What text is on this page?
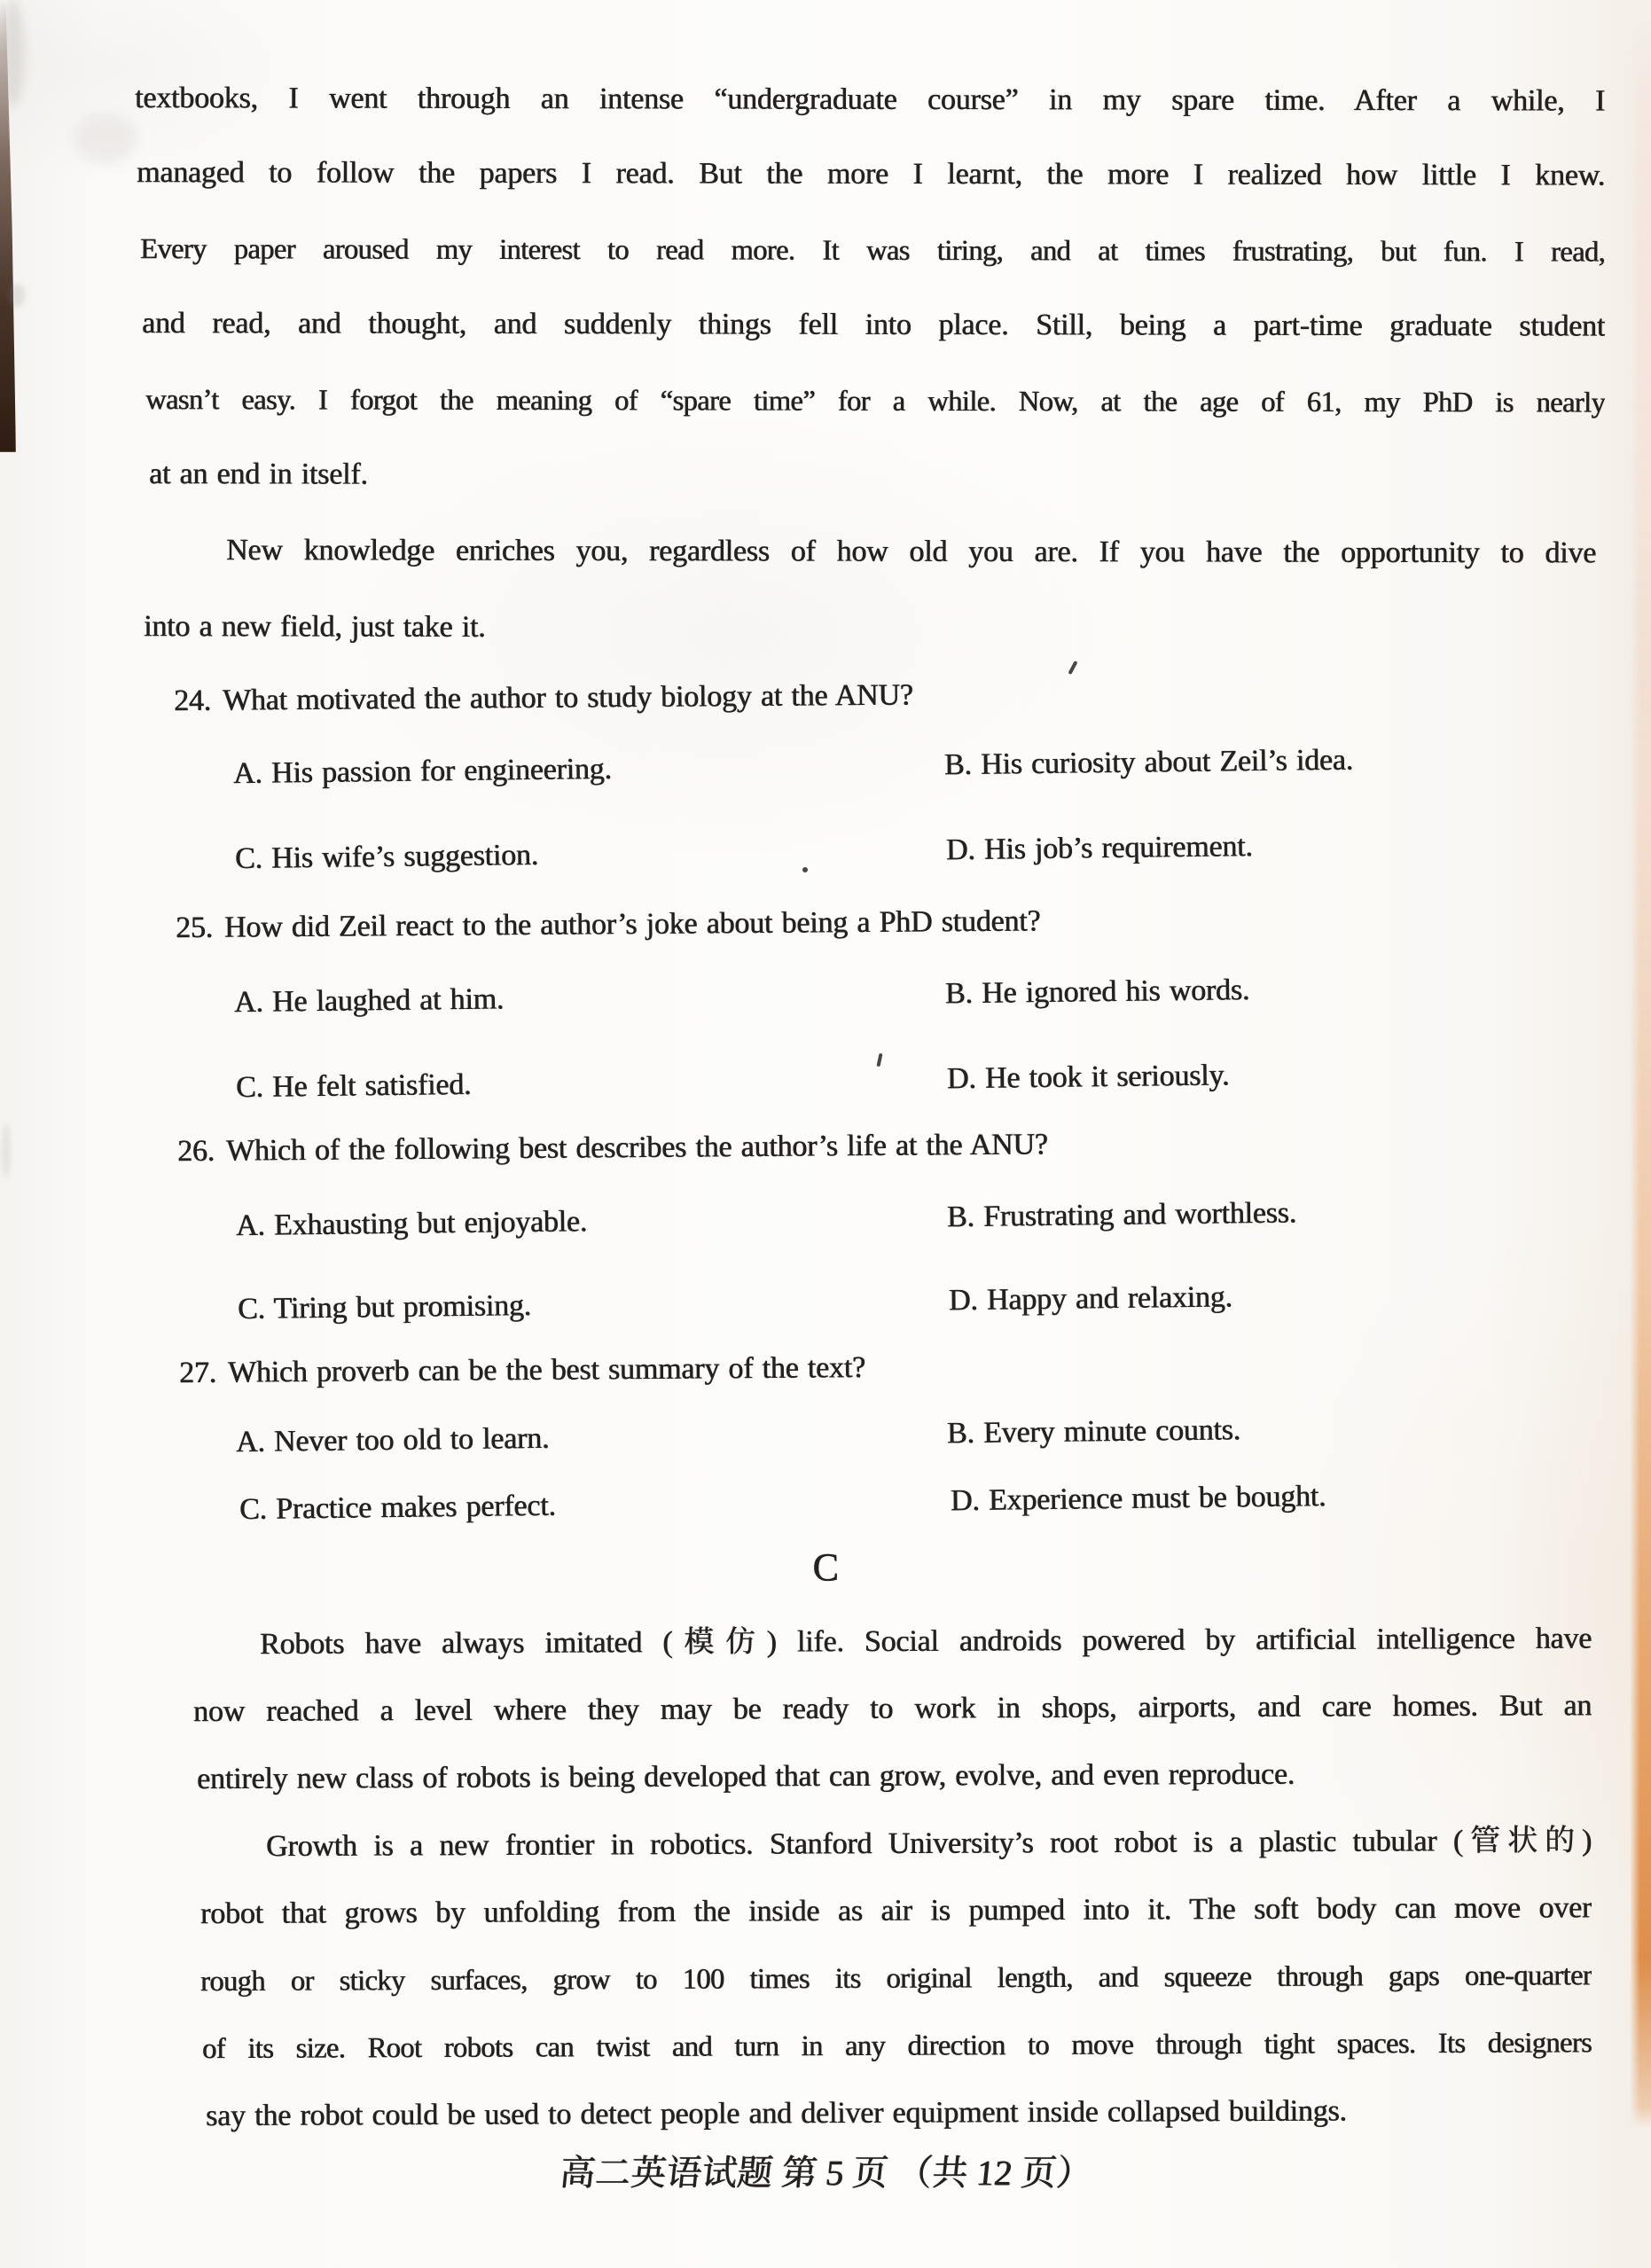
textbooks, I went through an intense “undergraduate course” in my spare time. After a while, I
managed to follow the papers I read. But the more I learnt, the more I realized how little I knew.
Every paper aroused my interest to read more. It was tiring, and at times frustrating, but fun. I read,
and read, and thought, and suddenly things fell into place. Still, being a part-time graduate student
wasn’t easy. I forgot the meaning of “spare time” for a while. Now, at the age of 61, my PhD is nearly
at an end in itself.
New knowledge enriches you, regardless of how old you are. If you have the opportunity to dive
into a new field, just take it.
24. What motivated the author to study biology at the ANU?
A. His passion for engineering.	B. His curiosity about Zeil’s idea.
C. His wife’s suggestion.	D. His job’s requirement.
25. How did Zeil react to the author’s joke about being a PhD student?
A. He laughed at him.	B. He ignored his words.
C. He felt satisfied.	D. He took it seriously.
26. Which of the following best describes the author’s life at the ANU?
A. Exhausting but enjoyable.	B. Frustrating and worthless.
C. Tiring but promising.	D. Happy and relaxing.
27. Which proverb can be the best summary of the text?
A. Never too old to learn.	B. Every minute counts.
C. Practice makes perfect.	D. Experience must be bought.
C
Robots have always imitated (模仿) life. Social androids powered by artificial intelligence have
now reached a level where they may be ready to work in shops, airports, and care homes. But an
entirely new class of robots is being developed that can grow, evolve, and even reproduce.
Growth is a new frontier in robotics. Stanford University’s root robot is a plastic tubular (管状的)
robot that grows by unfolding from the inside as air is pumped into it. The soft body can move over
rough or sticky surfaces, grow to 100 times its original length, and squeeze through gaps one-quarter
of its size. Root robots can twist and turn in any direction to move through tight spaces. Its designers
say the robot could be used to detect people and deliver equipment inside collapsed buildings.
高二英语试题 第 5 页 （共 12 页）
